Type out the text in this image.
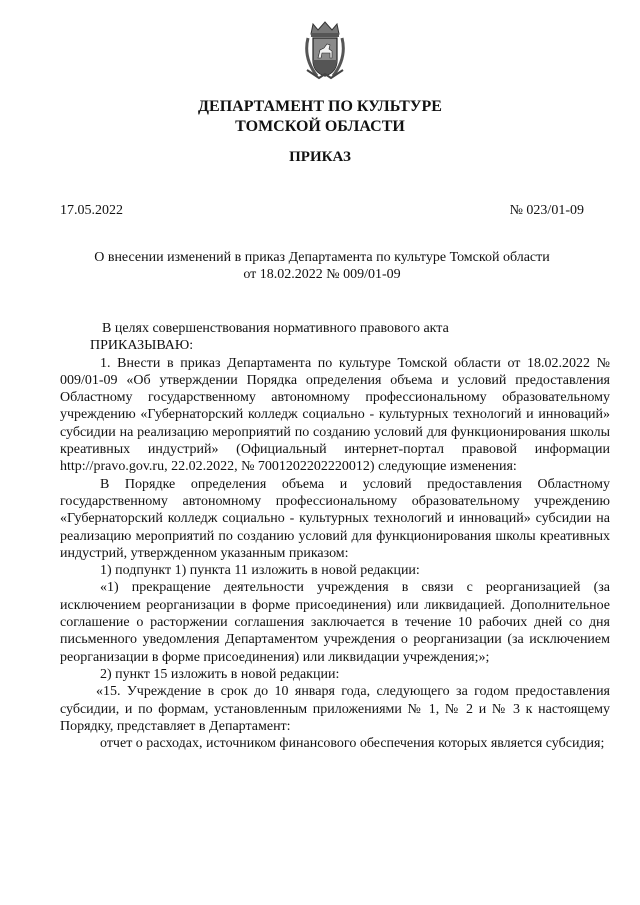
ДЕПАРТАМЕНТ ПО КУЛЬТУРЕ
ТОМСКОЙ ОБЛАСТИ
ПРИКАЗ
17.05.2022	№ 023/01-09
О внесении изменений в приказ Департамента по культуре Томской области
от 18.02.2022 № 009/01-09

В целях совершенствования нормативного правового акта

ПРИКАЗЫВАЮ:

1. Внести в приказ Департамента по культуре Томской области от 18.02.2022 № 009/01-09 «Об утверждении Порядка определения объема и условий предоставления Областному государственному автономному профессиональному образовательному учреждению «Губернаторский колледж социально - культурных технологий и инноваций» субсидии на реализацию мероприятий по созданию условий для функционирования школы креативных индустрий» (Официальный интернет-портал правовой информации http://pravo.gov.ru, 22.02.2022, № 7001202202220012) следующие изменения:

В Порядке определения объема и условий предоставления Областному государственному автономному профессиональному образовательному учреждению «Губернаторский колледж социально - культурных технологий и инноваций» субсидии на реализацию мероприятий по созданию условий для функционирования школы креативных индустрий, утвержденном указанным приказом:

1) подпункт 1) пункта 11 изложить в новой редакции:

«1) прекращение деятельности учреждения в связи с реорганизацией (за исключением реорганизации в форме присоединения) или ликвидацией. Дополнительное соглашение о расторжении соглашения заключается в течение 10 рабочих дней со дня письменного уведомления Департаментом учреждения о реорганизации (за исключением реорганизации в форме присоединения) или ликвидации учреждения;»;

2) пункт 15 изложить в новой редакции:

«15. Учреждение в срок до 10 января года, следующего за годом предоставления субсидии, и по формам, установленным приложениями № 1, № 2 и № 3 к настоящему Порядку, представляет в Департамент:

отчет о расходах, источником финансового обеспечения которых является субсидия;
